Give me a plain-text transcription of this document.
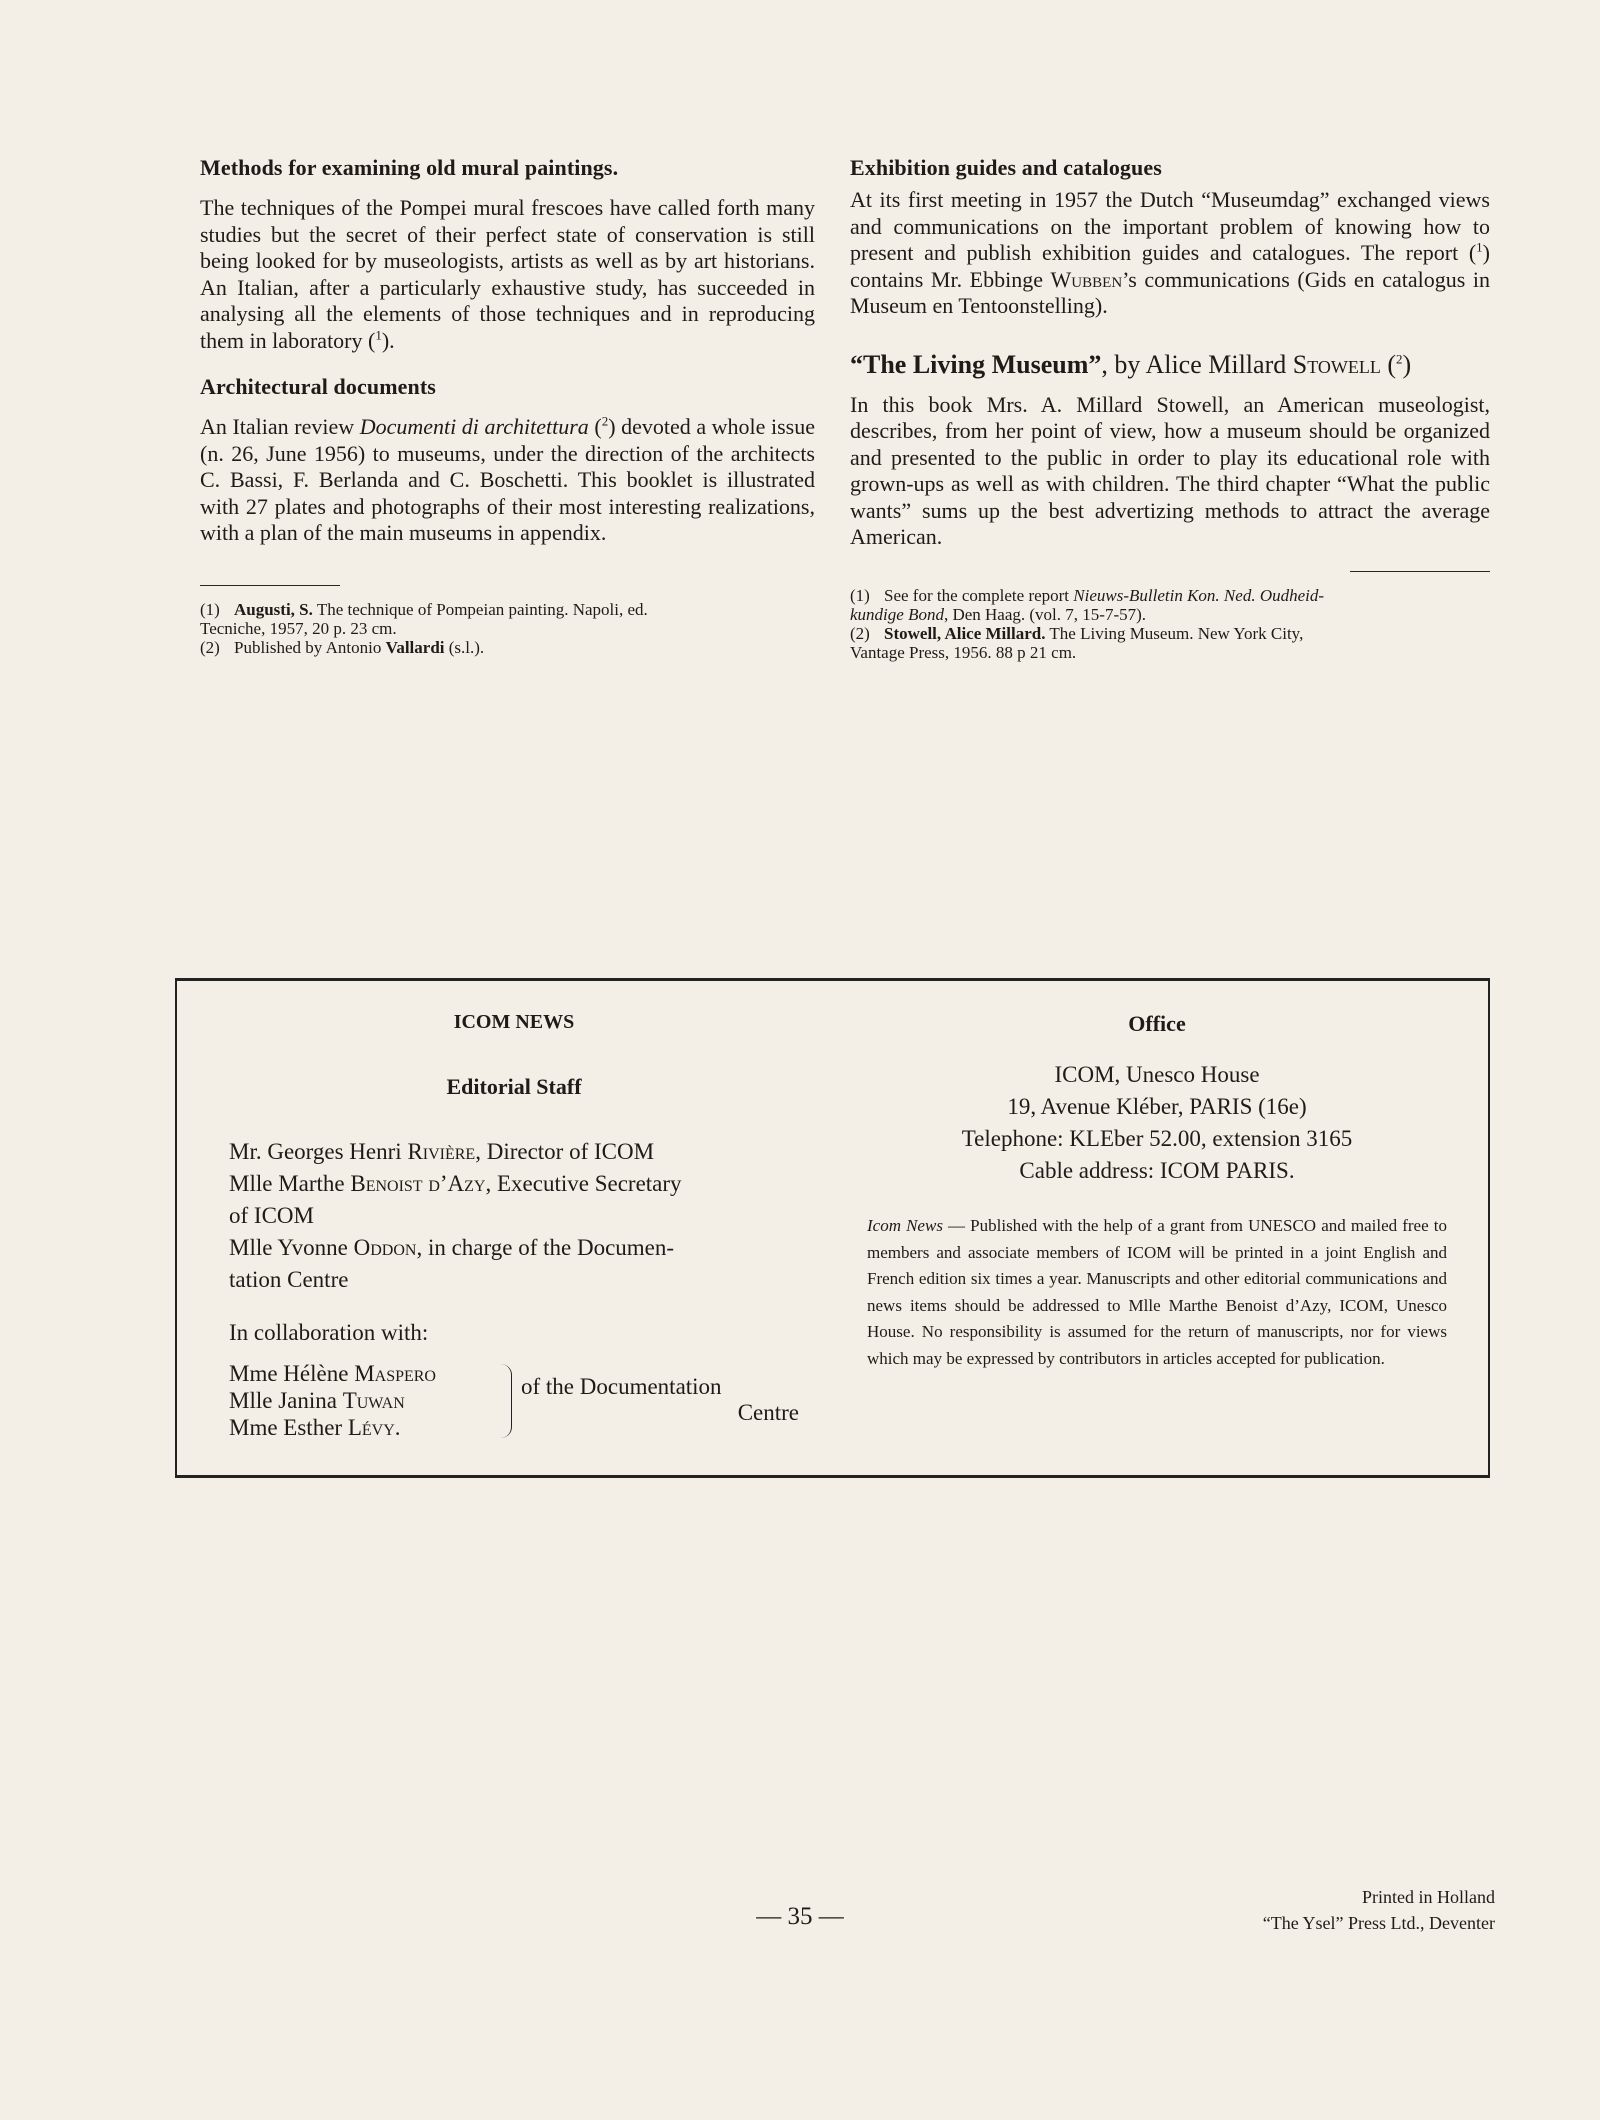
Methods for examining old mural paintings.

The techniques of the Pompei mural frescoes have called forth many studies but the secret of their perfect state of conservation is still being looked for by museologists, artists as well as by art historians. An Italian, after a particularly exhaustive study, has succeeded in analysing all the elements of those techniques and in reproducing them in laboratory ($^1$).

Architectural documents

An Italian review Documenti di architettura ($^2$) devoted a whole issue (n. 26, June 1956) to museums, under the direction of the architects C. Bassi, F. Berlanda and C. Boschetti. This booklet is illustrated with 27 plates and photographs of their most interesting realizations, with a plan of the main museums in appendix.

(1) Augusti, S. The technique of Pompeian painting. Napoli, ed.

Tecniche, 1957, 20 p. 23 cm.

(2) Published by Antonio Vallardi (s.l.).

Exhibition guides and catalogues

At its first meeting in 1957 the Dutch “Museumdag” exchanged views and communications on the important problem of knowing how to present and publish exhibition guides and catalogues. The report ($^1$) contains Mr. Ebbinge Wubben’s communications (Gids en catalogus in Museum en Tentoonstelling).

“The Living Museum”, by Alice Millard Stowell ($^2$)

In this book Mrs. A. Millard Stowell, an American museologist, describes, from her point of view, how a museum should be organized and presented to the public in order to play its educational role with grown-ups as well as with children. The third chapter “What the public wants” sums up the best advertizing methods to attract the average American.

(1) See for the complete report Nieuws-Bulletin Kon. Ned. Oudheid-

kundige Bond, Den Haag. (vol. 7, 15-7-57).

(2) Stowell, Alice Millard. The Living Museum. New York City,

Vantage Press, 1956. 88 p 21 cm.

ICOM NEWS
Editorial Staff
Mr. Georges Henri Rivière, Director of ICOM
Mlle Marthe Benoist d’Azy, Executive Secretary
of ICOM
Mlle Yvonne Oddon, in charge of the Documen-
tation Centre
In collaboration with:
Mme Hélène Maspero
Mlle Janina Tuwan
Mme Esther Lévy.
of the Documentation
Centre
Office
ICOM, Unesco House
19, Avenue Kléber, PARIS (16e)
Telephone: KLEber 52.00, extension 3165
Cable address: ICOM PARIS.

Icom News — Published with the help of a grant from UNESCO and mailed free to members and associate members of ICOM will be printed in a joint English and French edition six times a year. Manuscripts and other editorial communications and news items should be addressed to Mlle Marthe Benoist d’Azy, ICOM, Unesco House. No responsibility is assumed for the return of manuscripts, nor for views which may be expressed by contributors in articles accepted for publication.

— 35 —
Printed in Holland
“The Ysel” Press Ltd., Deventer
